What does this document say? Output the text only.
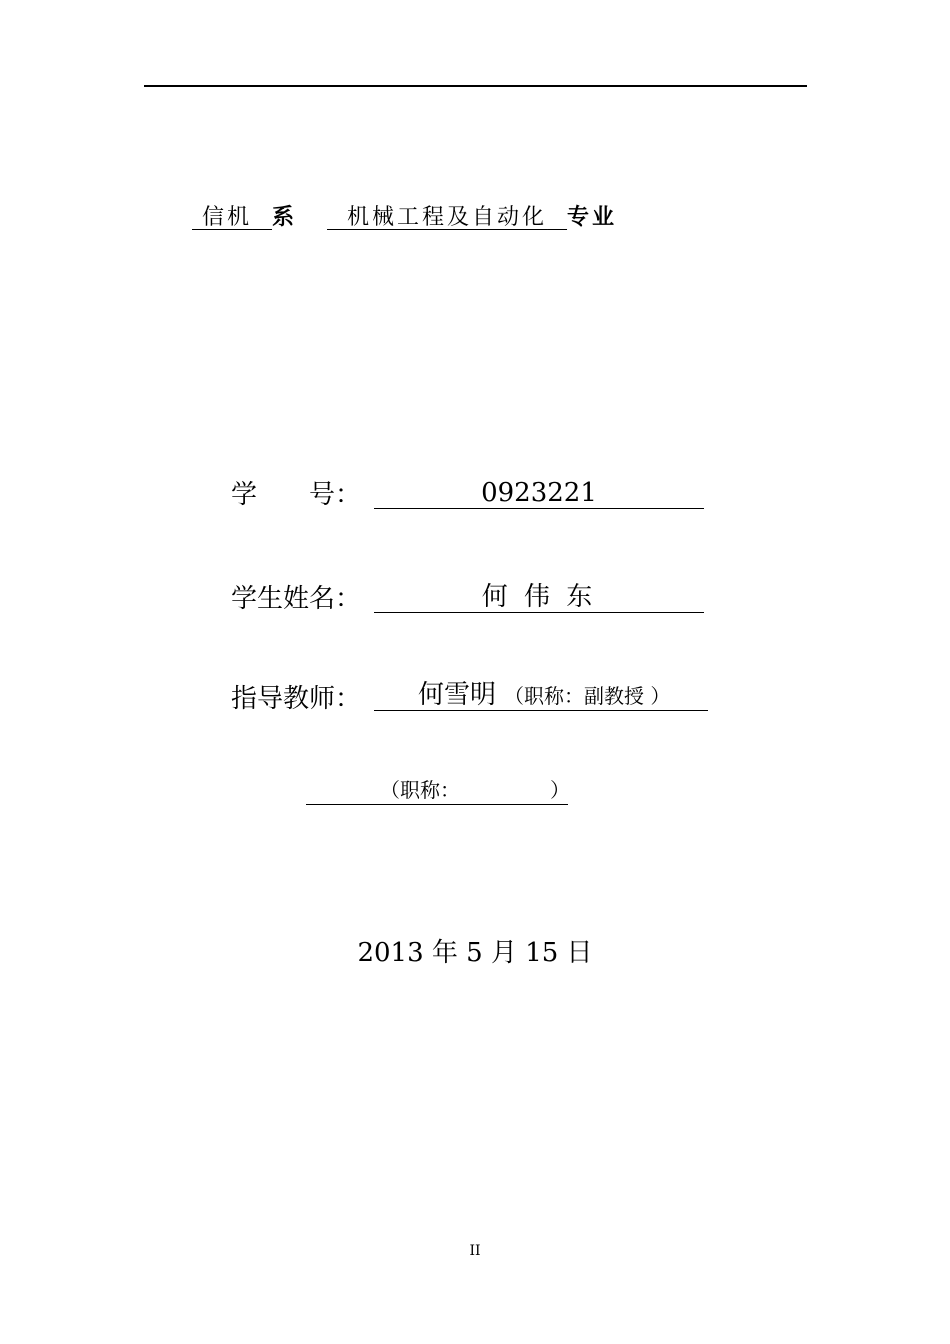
信机 系 机械工程及自动化 专业
学　　号：	0923221
学生姓名：	何 伟 东
指导教师： 何雪明 （职称：副教授 ）
（职称：　　　　　）
2013 年 5 月 15 日
II
